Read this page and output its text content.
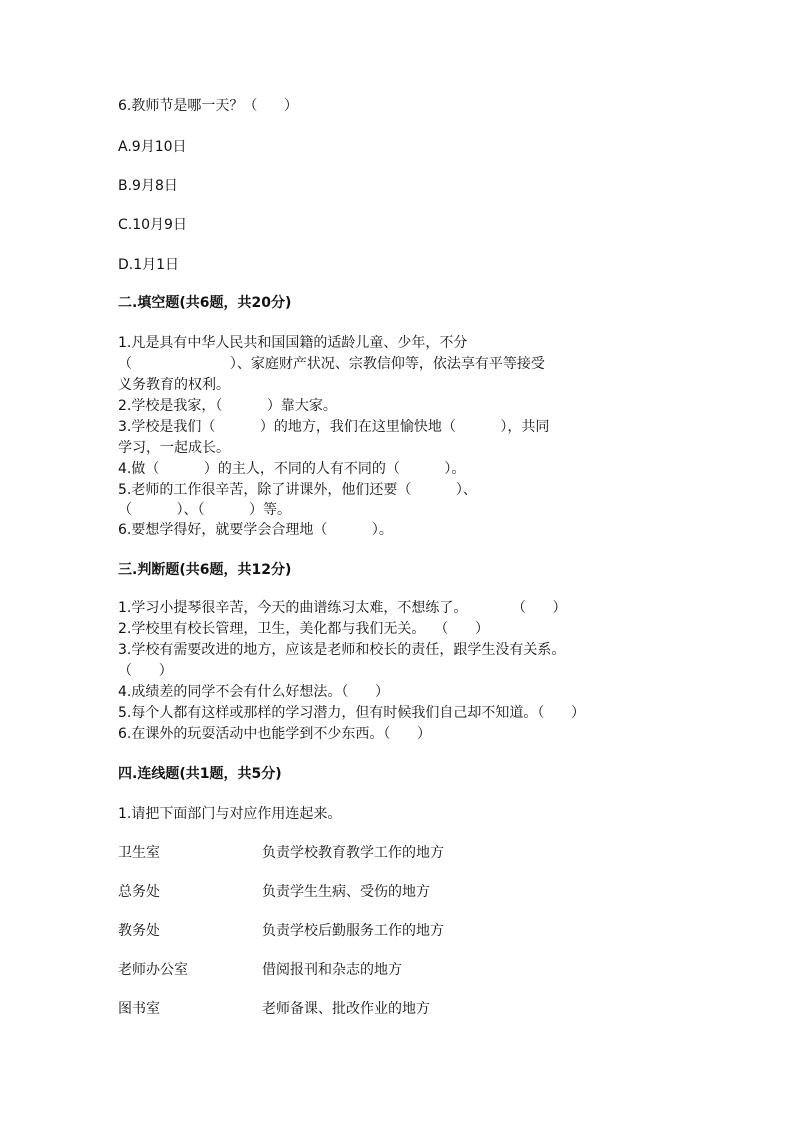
6.教师节是哪一天？（      ）
A.9月10日
B.9月8日
C.10月9日
D.1月1日
二.填空题(共6题，共20分)
1.凡是具有中华人民共和国国籍的适龄儿童、少年，不分
（                      ）、家庭财产状况、宗教信仰等，依法享有平等接受
义务教育的权利。
2.学校是我家，（          ）靠大家。
3.学校是我们（          ）的地方，我们在这里愉快地（          ），共同
学习，一起成长。
4.做（          ）的主人，不同的人有不同的（          ）。
5.老师的工作很辛苦，除了讲课外，他们还要（          ）、
（          ）、（          ）等。
6.要想学得好，就要学会合理地（          ）。
三.判断题(共6题，共12分)
1.学习小提琴很辛苦，今天的曲谱练习太难，不想练了。          （      ）
2.学校里有校长管理，卫生，美化都与我们无关。  （      ）
3.学校有需要改进的地方，应该是老师和校长的责任，跟学生没有关系。
（      ）
4.成绩差的同学不会有什么好想法。（      ）
5.每个人都有这样或那样的学习潜力，但有时候我们自己却不知道。（      ）
6.在课外的玩耍活动中也能学到不少东西。（      ）
四.连线题(共1题，共5分)
1.请把下面部门与对应作用连起来。
卫生室	负责学校教育教学工作的地方
总务处	负责学生生病、受伤的地方
教务处	负责学校后勤服务工作的地方
老师办公室	借阅报刊和杂志的地方
图书室	老师备课、批改作业的地方
